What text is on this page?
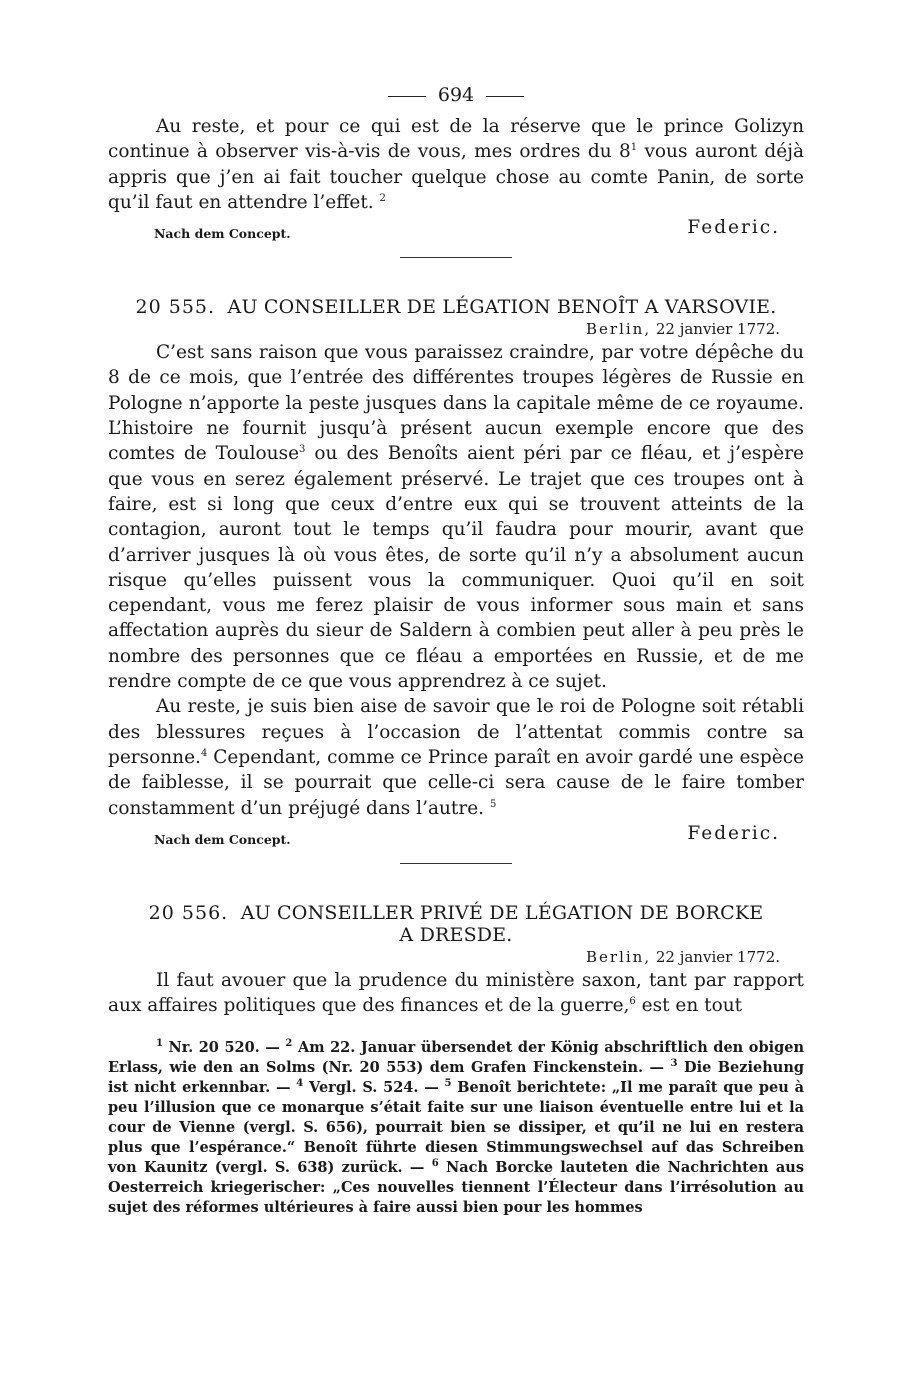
694

Au reste, et pour ce qui est de la réserve que le prince Golizyn continue à observer vis-à-vis de vous, mes ordres du $8^1$ vous auront déjà appris que j’en ai fait toucher quelque chose au comte Panin, de sorte qu’il faut en attendre l’effet. $^2$

Nach dem Concept.	Federic.

20 555. AU CONSEILLER DE LÉGATION BENOÎT A VARSOVIE.

Berlin, 22 janvier 1772.

C’est sans raison que vous paraissez craindre, par votre dépêche du 8 de ce mois, que l’entrée des différentes troupes légères de Russie en Pologne n’apporte la peste jusques dans la capitale même de ce royaume. L’histoire ne fournit jusqu’à présent aucun exemple encore que des comtes de Toulouse$^3$ ou des Benoîts aient péri par ce fléau, et j’espère que vous en serez également préservé. Le trajet que ces troupes ont à faire, est si long que ceux d’entre eux qui se trouvent atteints de la contagion, auront tout le temps qu’il faudra pour mourir, avant que d’arriver jusques là où vous êtes, de sorte qu’il n’y a absolument aucun risque qu’elles puissent vous la communiquer. Quoi qu’il en soit cependant, vous me ferez plaisir de vous informer sous main et sans affectation auprès du sieur de Saldern à combien peut aller à peu près le nombre des personnes que ce fléau a emportées en Russie, et de me rendre compte de ce que vous apprendrez à ce sujet.

Au reste, je suis bien aise de savoir que le roi de Pologne soit rétabli des blessures reçues à l’occasion de l’attentat commis contre sa personne.$^4$ Cependant, comme ce Prince paraît en avoir gardé une espèce de faiblesse, il se pourrait que celle-ci sera cause de le faire tomber constamment d’un préjugé dans l’autre. $^5$

Nach dem Concept.	Federic.

20 556. AU CONSEILLER PRIVÉ DE LÉGATION DE BORCKE

A DRESDE.

Berlin, 22 janvier 1772.

Il faut avouer que la prudence du ministère saxon, tant par rapport aux affaires politiques que des finances et de la guerre,$^6$ est en tout

$^1$ Nr. 20 520. — $^2$ Am 22. Januar übersendet der König abschriftlich den obigen Erlass, wie den an Solms (Nr. 20 553) dem Grafen Finckenstein. — $^3$ Die Beziehung ist nicht erkennbar. — $^4$ Vergl. S. 524. — $^5$ Benoît berichtete: „Il me paraît que peu à peu l’illusion que ce monarque s’était faite sur une liaison éventuelle entre lui et la cour de Vienne (vergl. S. 656), pourrait bien se dissiper, et qu’il ne lui en restera plus que l’espérance.“ Benoît führte diesen Stimmungswechsel auf das Schreiben von Kaunitz (vergl. S. 638) zurück. — $^6$ Nach Borcke lauteten die Nachrichten aus Oesterreich kriegerischer: „Ces nouvelles tiennent l’Électeur dans l’irrésolution au sujet des réformes ultérieures à faire aussi bien pour les hommes
